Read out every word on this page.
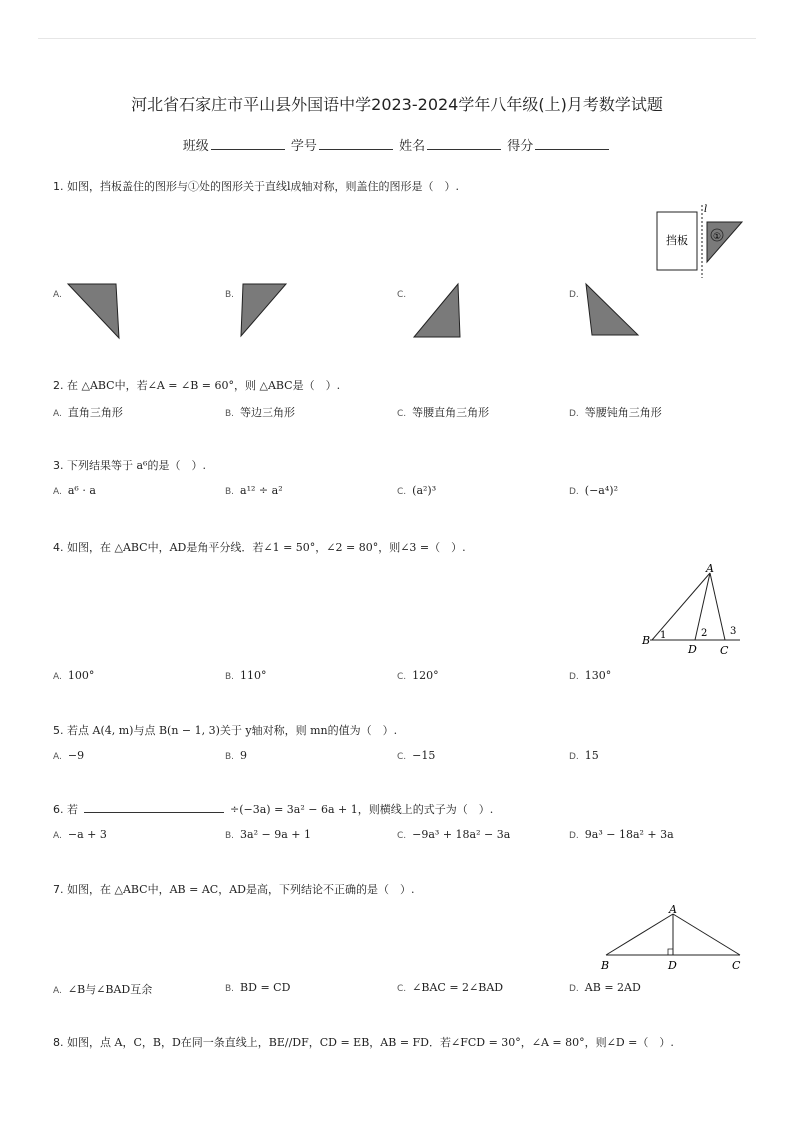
河北省石家庄市平山县外国语中学2023-2024学年八年级(上)月考数学试题
班级	学号	姓名	得分
1. 如图，挡板盖住的图形与①处的图形关于直线l成轴对称，则盖住的图形是（　）.
挡板
l
①
A.	B.	C.	D.
2. 在 △ABC中，若∠A = ∠B = 60°，则 △ABC是（　）.
A. 直角三角形	B. 等边三角形	C. 等腰直角三角形	D. 等腰钝角三角形
3. 下列结果等于 a⁶的是（　）.
A. a⁶ · a	B. a¹² ÷ a²	C. (a²)³	D. (−a⁴)²
4. 如图，在 △ABC中，AD是角平分线．若∠1 = 50°，∠2 = 80°，则∠3 =（　）.
A
B
D C
1	2 3
A. 100°	B. 110°	C. 120°	D. 130°
5. 若点 A(4, m)与点 B(n − 1, 3)关于 y轴对称，则 mn的值为（　）.
A. −9	B. 9	C. −15	D. 15
6. 若	÷(−3a) = 3a² − 6a + 1，则横线上的式子为（　）.
A. −a + 3	B. 3a² − 9a + 1	C. −9a³ + 18a² − 3a	D. 9a³ − 18a² + 3a
7. 如图，在 △ABC中，AB = AC，AD是高，下列结论不正确的是（　）.
A
B	D	C
A. ∠B与∠BAD互余	B. BD = CD	C. ∠BAC = 2∠BAD	D. AB = 2AD
8. 如图，点 A，C，B，D在同一条直线上，BE//DF，CD = EB，AB = FD．若∠FCD = 30°，∠A = 80°，则∠D =（　）.
